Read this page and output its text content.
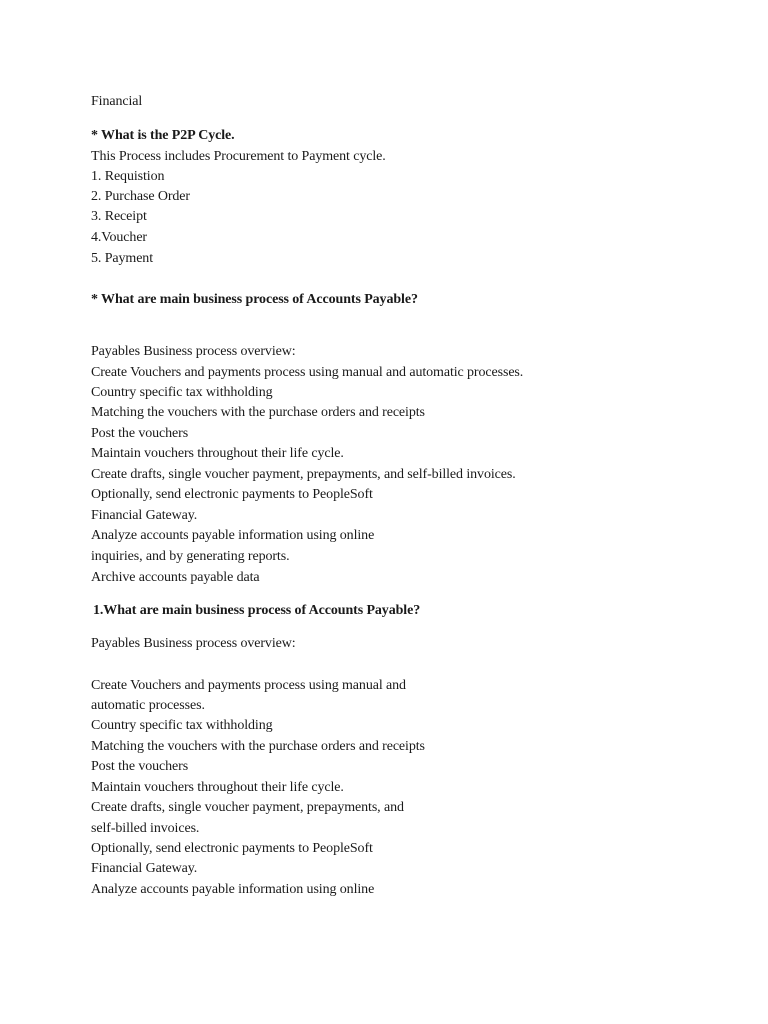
Financial
* What is the P2P Cycle.
This Process includes Procurement to Payment cycle.
1. Requistion
2. Purchase Order
3. Receipt
4.Voucher
5. Payment
* What are main business process of Accounts Payable?
Payables Business process overview:
Create Vouchers and payments process using manual and automatic processes.
Country specific tax withholding
Matching the vouchers with the purchase orders and receipts
Post the vouchers
Maintain vouchers throughout their life cycle.
Create drafts, single voucher payment, prepayments, and self-billed invoices.
Optionally, send electronic payments to PeopleSoft
Financial Gateway.
Analyze accounts payable information using online
inquiries, and by generating reports.
Archive accounts payable data
1.What are main business process of Accounts Payable?
Payables Business process overview:
Create Vouchers and payments process using manual and
automatic processes.
Country specific tax withholding
Matching the vouchers with the purchase orders and receipts
Post the vouchers
Maintain vouchers throughout their life cycle.
Create drafts, single voucher payment, prepayments, and
self-billed invoices.
Optionally, send electronic payments to PeopleSoft
Financial Gateway.
Analyze accounts payable information using online
